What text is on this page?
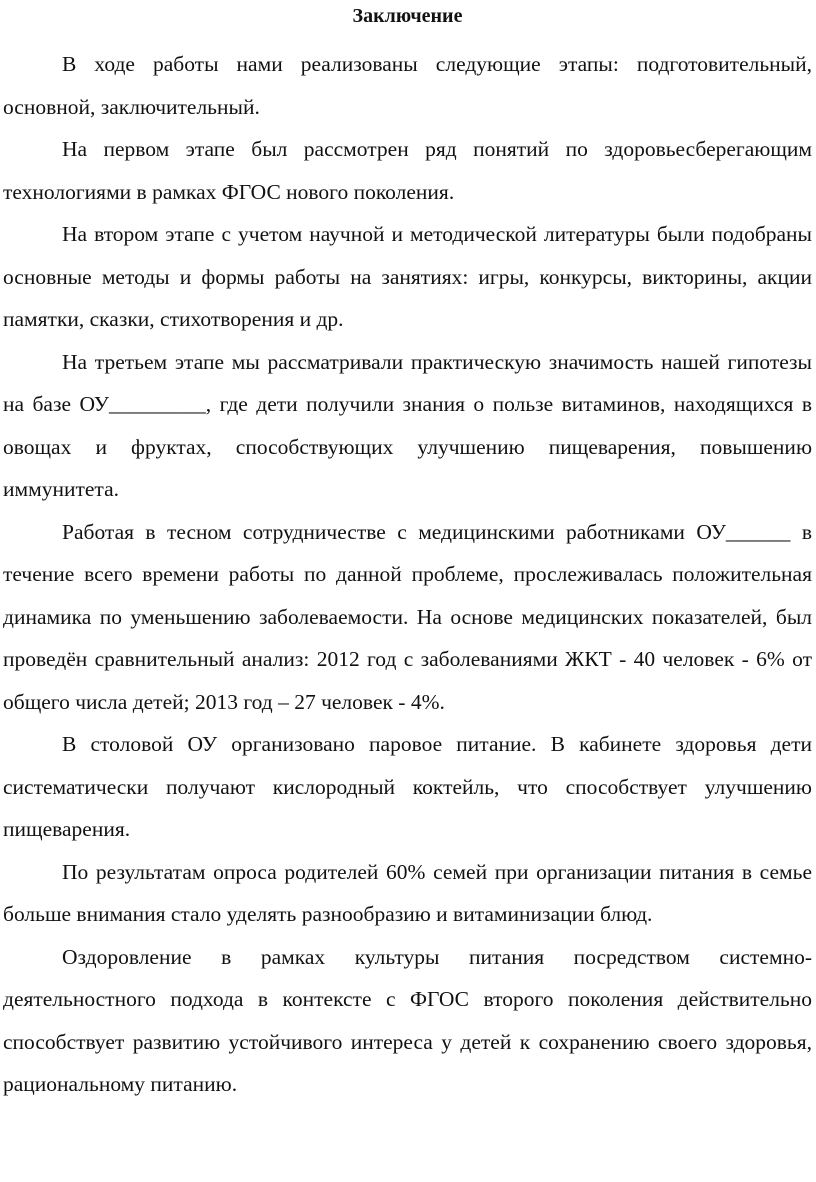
Заключение

В ходе работы нами реализованы следующие этапы: подготовительный, основной, заключительный.

На первом этапе был рассмотрен ряд понятий по здоровьесберегающим технологиями в рамках ФГОС нового поколения.

На втором этапе с учетом научной и методической литературы были подобраны основные методы и формы работы на занятиях: игры, конкурсы, викторины, акции памятки, сказки, стихотворения и др.

На третьем этапе мы рассматривали практическую значимость нашей гипотезы на базе ОУ_________, где дети получили знания о пользе витаминов, находящихся в овощах и фруктах, способствующих улучшению пищеварения, повышению иммунитета.

Работая в тесном сотрудничестве с медицинскими работниками ОУ______ в течение всего времени работы по данной проблеме, прослеживалась положительная динамика по уменьшению заболеваемости. На основе медицинских показателей, был проведён сравнительный анализ: 2012 год с заболеваниями ЖКТ - 40 человек - 6% от общего числа детей; 2013 год – 27 человек - 4%.

В столовой ОУ организовано паровое питание. В кабинете здоровья дети систематически получают кислородный коктейль, что способствует улучшению пищеварения.

По результатам опроса родителей 60% семей при организации питания в семье больше внимания стало уделять разнообразию и витаминизации блюд.

Оздоровление в рамках культуры питания посредством системно-деятельностного подхода в контексте с ФГОС второго поколения действительно способствует развитию устойчивого интереса у детей к сохранению своего здоровья, рациональному питанию.
